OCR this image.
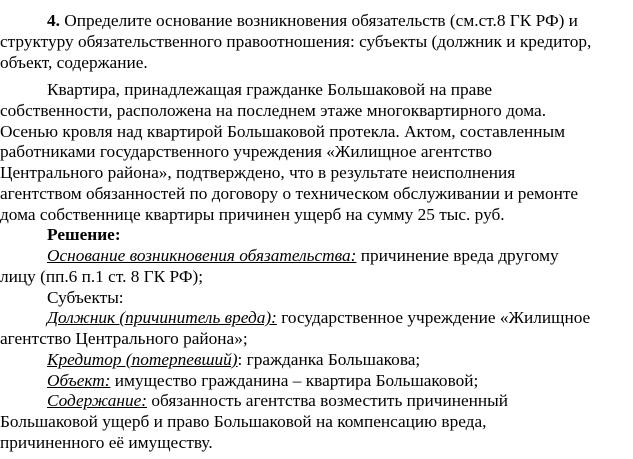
4. Определите основание возникновения обязательств (см.ст.8 ГК РФ) и
структуру обязательственного правоотношения: субъекты (должник и кредитор,
объект, содержание.
Квартира, принадлежащая гражданке Большаковой на праве
собственности, расположена на последнем этаже многоквартирного дома.
Осенью кровля над квартирой Большаковой протекла. Актом, составленным
работниками государственного учреждения «Жилищное агентство
Центрального района», подтверждено, что в результате неисполнения
агентством обязанностей по договору о техническом обслуживании и ремонте
дома собственнице квартиры причинен ущерб на сумму 25 тыс. руб.
Решение:
Основание возникновения обязательства: причинение вреда другому
лицу (пп.6 п.1 ст. 8 ГК РФ);
Субъекты:
Должник (причинитель вреда): государственное учреждение «Жилищное
агентство Центрального района»;
Кредитор (потерпевший): гражданка Большакова;
Объект: имущество гражданина – квартира Большаковой;
Содержание: обязанность агентства возместить причиненный
Большаковой ущерб и право Большаковой на компенсацию вреда,
причиненного её имуществу.
